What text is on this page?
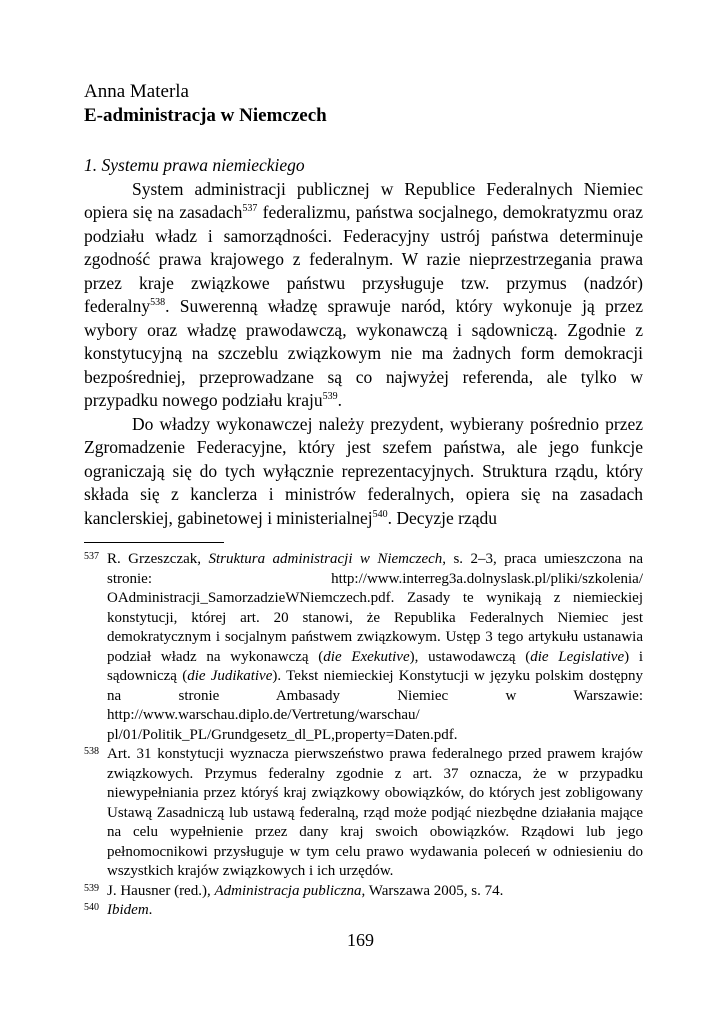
Anna Materla

E-administracja w Niemczech

1. Systemu prawa niemieckiego

System administracji publicznej w Republice Federalnych Niemiec opiera się na zasadach$^{537}$ federalizmu, państwa socjalnego, demokratyzmu oraz podziału władz i samorządności. Federacyjny ustrój państwa determinuje zgodność prawa krajowego z federalnym. W razie nieprzestrzegania prawa przez kraje związkowe państwu przysługuje tzw. przymus (nadzór) federalny$^{538}$. Suwerenną władzę sprawuje naród, który wykonuje ją przez wybory oraz władzę prawodawczą, wykonawczą i sądowniczą. Zgodnie z konstytucyjną na szczeblu związkowym nie ma żadnych form demokracji bezpośredniej, przeprowadzane są co najwyżej referenda, ale tylko w przypadku nowego podziału kraju$^{539}$.

Do władzy wykonawczej należy prezydent, wybierany pośrednio przez Zgromadzenie Federacyjne, który jest szefem państwa, ale jego funkcje ograniczają się do tych wyłącznie reprezentacyjnych. Struktura rządu, który składa się z kanclerza i ministrów federalnych, opiera się na zasadach kanclerskiej, gabinetowej i ministerialnej$^{540}$. Decyzje rządu

537 R. Grzeszczak, Struktura administracji w Niemczech, s. 2–3, praca umieszczona na stronie: http://www.interreg3a.dolnyslask.pl/pliki/szkolenia/ OAdministracji_SamorzadzieWNiemczech.pdf. Zasady te wynikają z niemieckiej konstytucji, której art. 20 stanowi, że Republika Federalnych Niemiec jest demokratycznym i socjalnym państwem związkowym. Ustęp 3 tego artykułu ustanawia podział władz na wykonawczą (die Exekutive), ustawodawczą (die Legislative) i sądowniczą (die Judikative). Tekst niemieckiej Konstytucji w języku polskim dostępny na stronie Ambasady Niemiec w Warszawie: http://www.warschau.diplo.de/Vertretung/warschau/ pl/01/Politik_PL/Grundgesetz_dl_PL,property=Daten.pdf.

538 Art. 31 konstytucji wyznacza pierwszeństwo prawa federalnego przed prawem krajów związkowych. Przymus federalny zgodnie z art. 37 oznacza, że w przypadku niewypełniania przez któryś kraj związkowy obowiązków, do których jest zobligowany Ustawą Zasadniczą lub ustawą federalną, rząd może podjąć niezbędne działania mające na celu wypełnienie przez dany kraj swoich obowiązków. Rządowi lub jego pełnomocnikowi przysługuje w tym celu prawo wydawania poleceń w odniesieniu do wszystkich krajów związkowych i ich urzędów.

539 J. Hausner (red.), Administracja publiczna, Warszawa 2005, s. 74.

540 Ibidem.

169
